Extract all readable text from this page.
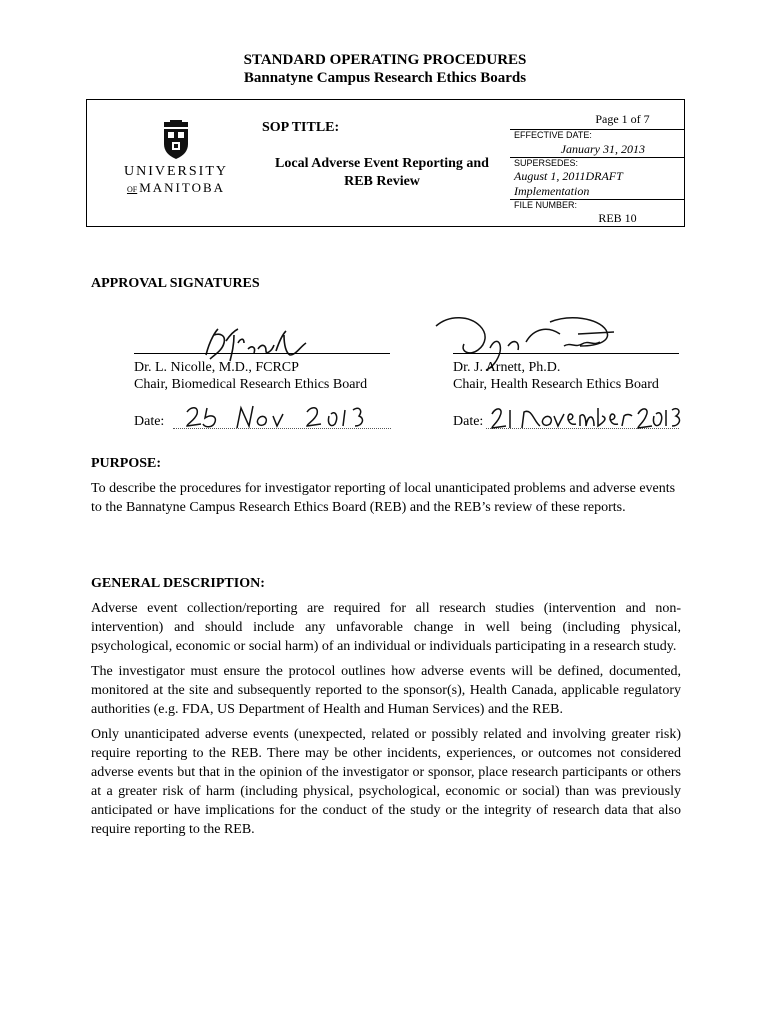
STANDARD OPERATING PROCEDURES
Bannatyne Campus Research Ethics Boards
UNIVERSITY
OF MANITOBA
SOP TITLE:
Local Adverse Event Reporting and
REB Review
Page 1 of 7
EFFECTIVE DATE:
January 31, 2013
SUPERSEDES:
August 1, 2011DRAFT
Implementation
FILE NUMBER:
REB 10
APPROVAL SIGNATURES
Dr. L. Nicolle, M.D., FCRCP
Chair, Biomedical Research Ethics Board
Dr. J. Arnett, Ph.D.
Chair, Health Research Ethics Board
Date:	Date:
PURPOSE:
To describe the procedures for investigator reporting of local unanticipated problems and adverse events to the Bannatyne Campus Research Ethics Board (REB) and the REB’s review of these reports.
GENERAL DESCRIPTION:

Adverse event collection/reporting are required for all research studies (intervention and non-intervention) and should include any unfavorable change in well being (including physical, psychological, economic or social harm) of an individual or individuals participating in a research study.

The investigator must ensure the protocol outlines how adverse events will be defined, documented, monitored at the site and subsequently reported to the sponsor(s), Health Canada, applicable regulatory authorities (e.g. FDA, US Department of Health and Human Services) and the REB.

Only unanticipated adverse events (unexpected, related or possibly related and involving greater risk) require reporting to the REB. There may be other incidents, experiences, or outcomes not considered adverse events but that in the opinion of the investigator or sponsor, place research participants or others at a greater risk of harm (including physical, psychological, economic or social) than was previously anticipated or have implications for the conduct of the study or the integrity of research data that also require reporting to the REB.
